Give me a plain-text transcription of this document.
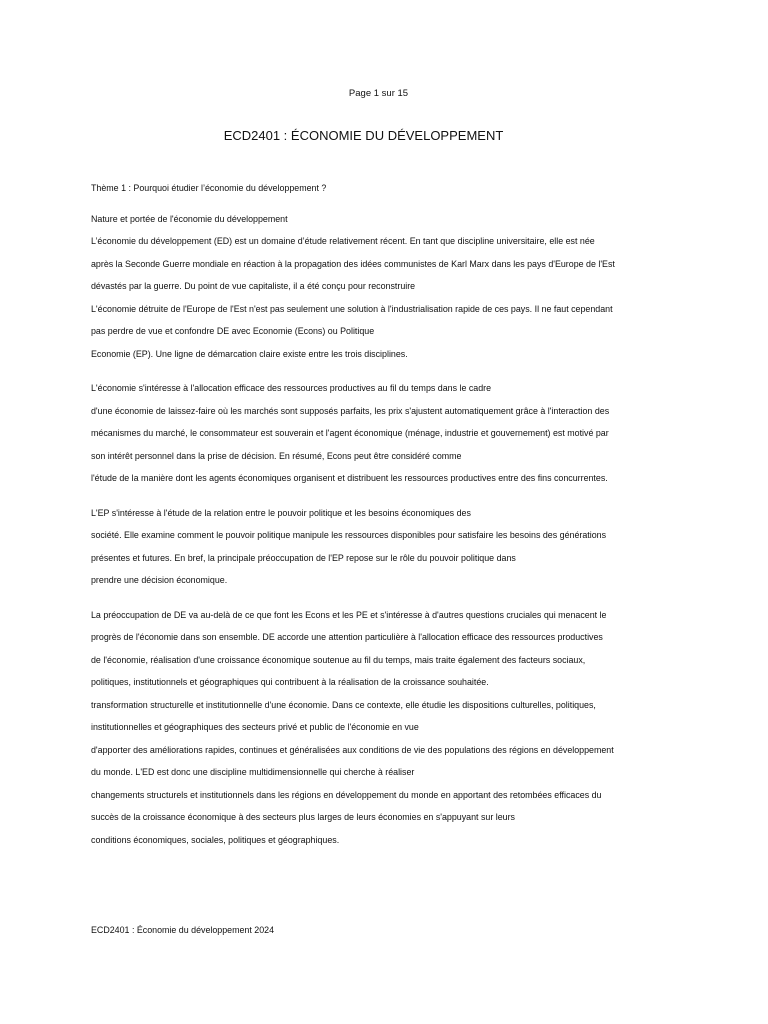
Page 1 sur 15
ECD2401 : ÉCONOMIE DU DÉVELOPPEMENT
Thème 1 : Pourquoi étudier l’économie du développement ?
Nature et portée de l'économie du développement
L’économie du développement (ED) est un domaine d’étude relativement récent. En tant que discipline universitaire, elle est née
après la Seconde Guerre mondiale en réaction à la propagation des idées communistes de Karl Marx dans les pays d'Europe de l'Est
dévastés par la guerre. Du point de vue capitaliste, il a été conçu pour reconstruire
L'économie détruite de l'Europe de l'Est n'est pas seulement une solution à l'industrialisation rapide de ces pays. Il ne faut cependant
pas perdre de vue et confondre DE avec Economie (Econs) ou Politique
Economie (EP). Une ligne de démarcation claire existe entre les trois disciplines.
L'économie s'intéresse à l'allocation efficace des ressources productives au fil du temps dans le cadre
d'une économie de laissez-faire où les marchés sont supposés parfaits, les prix s'ajustent automatiquement grâce à l'interaction des
mécanismes du marché, le consommateur est souverain et l'agent économique (ménage, industrie et gouvernement) est motivé par
son intérêt personnel dans la prise de décision. En résumé, Econs peut être considéré comme
l'étude de la manière dont les agents économiques organisent et distribuent les ressources productives entre des fins concurrentes.
L'EP s'intéresse à l'étude de la relation entre le pouvoir politique et les besoins économiques des
société. Elle examine comment le pouvoir politique manipule les ressources disponibles pour satisfaire les besoins des générations
présentes et futures. En bref, la principale préoccupation de l'EP repose sur le rôle du pouvoir politique dans
prendre une décision économique.
La préoccupation de DE va au-delà de ce que font les Econs et les PE et s'intéresse à d'autres questions cruciales qui menacent le
progrès de l'économie dans son ensemble. DE accorde une attention particulière à l'allocation efficace des ressources productives
de l'économie, réalisation d'une croissance économique soutenue au fil du temps, mais traite également des facteurs sociaux,
politiques, institutionnels et géographiques qui contribuent à la réalisation de la croissance souhaitée.
transformation structurelle et institutionnelle d'une économie. Dans ce contexte, elle étudie les dispositions culturelles, politiques,
institutionnelles et géographiques des secteurs privé et public de l'économie en vue
d'apporter des améliorations rapides, continues et généralisées aux conditions de vie des populations des régions en développement
du monde. L'ED est donc une discipline multidimensionnelle qui cherche à réaliser
changements structurels et institutionnels dans les régions en développement du monde en apportant des retombées efficaces du
succès de la croissance économique à des secteurs plus larges de leurs économies en s'appuyant sur leurs
conditions économiques, sociales, politiques et géographiques.
ECD2401 : Économie du développement 2024
